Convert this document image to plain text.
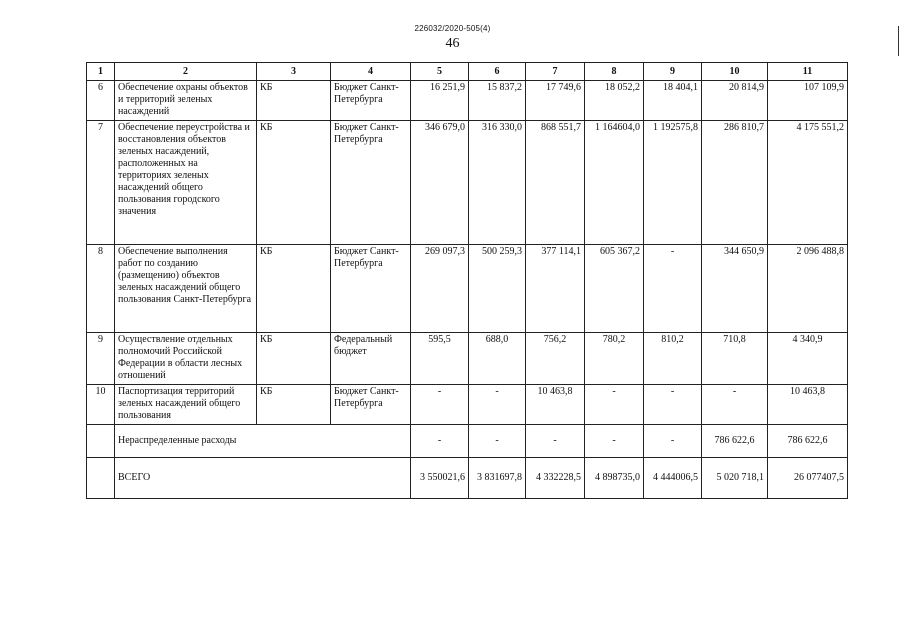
226032/2020-505(4)
46
1	2	3	4	5	6	7	8	9	10	11
6	Обеспечение охраны объектов и территорий зеленых насаждений	КБ	Бюджет Санкт-Петербурга	16 251,9	15 837,2	17 749,6	18 052,2	18 404,1	20 814,9	107 109,9
7	Обеспечение переустройства и восстановления объектов зеленых насаждений, расположенных на территориях зеленых насаждений общего пользования городского значения	КБ	Бюджет Санкт-Петербурга	346 679,0	316 330,0	868 551,7	1 164604,0	1 192575,8	286 810,7	4 175 551,2
8	Обеспечение выполнения работ по созданию (размещению) объектов зеленых насаждений общего пользования Санкт-Петербурга	КБ	Бюджет Санкт-Петербурга	269 097,3	500 259,3	377 114,1	605 367,2	-	344 650,9	2 096 488,8
9	Осуществление отдельных полномочий Российской Федерации в области лесных отношений	КБ	Федеральный бюджет	595,5	688,0	756,2	780,2	810,2	710,8	4 340,9
10	Паспортизация территорий зеленых насаждений общего пользования	КБ	Бюджет Санкт-Петербурга	-	-	10 463,8	-	-	-	10 463,8
	Нераспределенные расходы			-	-	-	-	-	786 622,6	786 622,6
	ВСЕГО			3 550021,6	3 831697,8	4 332228,5	4 898735,0	4 444006,5	5 020 718,1	26 077407,5
